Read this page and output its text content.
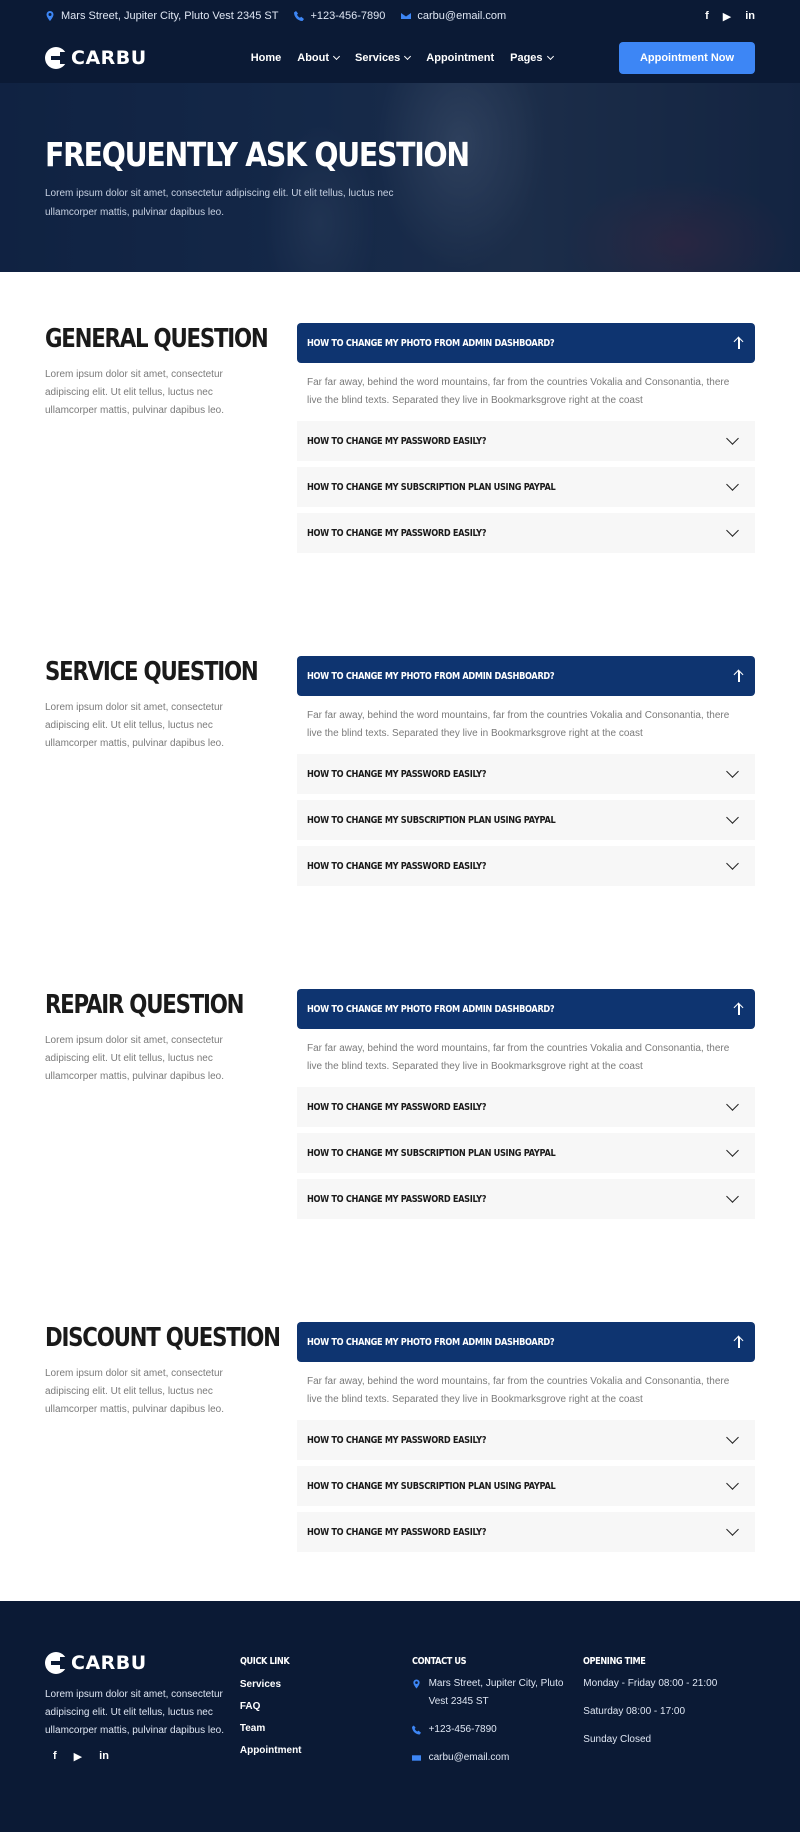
Mars Street, Jupiter City, Pluto Vest 2345 ST	+123-456-7890	carbu@email.com	f ▶ in
CARBU	Home About Services Appointment Pages	Appointment Now
FREQUENTLY ASK QUESTION

Lorem ipsum dolor sit amet, consectetur adipiscing elit. Ut elit tellus, luctus nec ullamcorper mattis, pulvinar dapibus leo.

GENERAL QUESTION

Lorem ipsum dolor sit amet, consectetur adipiscing elit. Ut elit tellus, luctus nec ullamcorper mattis, pulvinar dapibus leo.

HOW TO CHANGE MY PHOTO FROM ADMIN DASHBOARD?
Far far away, behind the word mountains, far from the countries Vokalia and Consonantia, there live the blind texts. Separated they live in Bookmarksgrove right at the coast
HOW TO CHANGE MY PASSWORD EASILY?
HOW TO CHANGE MY SUBSCRIPTION PLAN USING PAYPAL
HOW TO CHANGE MY PASSWORD EASILY?
SERVICE QUESTION

Lorem ipsum dolor sit amet, consectetur adipiscing elit. Ut elit tellus, luctus nec ullamcorper mattis, pulvinar dapibus leo.

HOW TO CHANGE MY PHOTO FROM ADMIN DASHBOARD?
Far far away, behind the word mountains, far from the countries Vokalia and Consonantia, there live the blind texts. Separated they live in Bookmarksgrove right at the coast
HOW TO CHANGE MY PASSWORD EASILY?
HOW TO CHANGE MY SUBSCRIPTION PLAN USING PAYPAL
HOW TO CHANGE MY PASSWORD EASILY?
REPAIR QUESTION

Lorem ipsum dolor sit amet, consectetur adipiscing elit. Ut elit tellus, luctus nec ullamcorper mattis, pulvinar dapibus leo.

HOW TO CHANGE MY PHOTO FROM ADMIN DASHBOARD?
Far far away, behind the word mountains, far from the countries Vokalia and Consonantia, there live the blind texts. Separated they live in Bookmarksgrove right at the coast
HOW TO CHANGE MY PASSWORD EASILY?
HOW TO CHANGE MY SUBSCRIPTION PLAN USING PAYPAL
HOW TO CHANGE MY PASSWORD EASILY?
DISCOUNT QUESTION

Lorem ipsum dolor sit amet, consectetur adipiscing elit. Ut elit tellus, luctus nec ullamcorper mattis, pulvinar dapibus leo.

HOW TO CHANGE MY PHOTO FROM ADMIN DASHBOARD?
Far far away, behind the word mountains, far from the countries Vokalia and Consonantia, there live the blind texts. Separated they live in Bookmarksgrove right at the coast
HOW TO CHANGE MY PASSWORD EASILY?
HOW TO CHANGE MY SUBSCRIPTION PLAN USING PAYPAL
HOW TO CHANGE MY PASSWORD EASILY?
CARBU

Lorem ipsum dolor sit amet, consectetur adipiscing elit. Ut elit tellus, luctus nec ullamcorper mattis, pulvinar dapibus leo.

f ▶ in
QUICK LINK
Services
FAQ
Team
Appointment
CONTACT US
Mars Street, Jupiter City, Pluto Vest 2345 ST
+123-456-7890
carbu@email.com
OPENING TIME
Monday - Friday 08:00 - 21:00
Saturday 08:00 - 17:00
Sunday Closed
